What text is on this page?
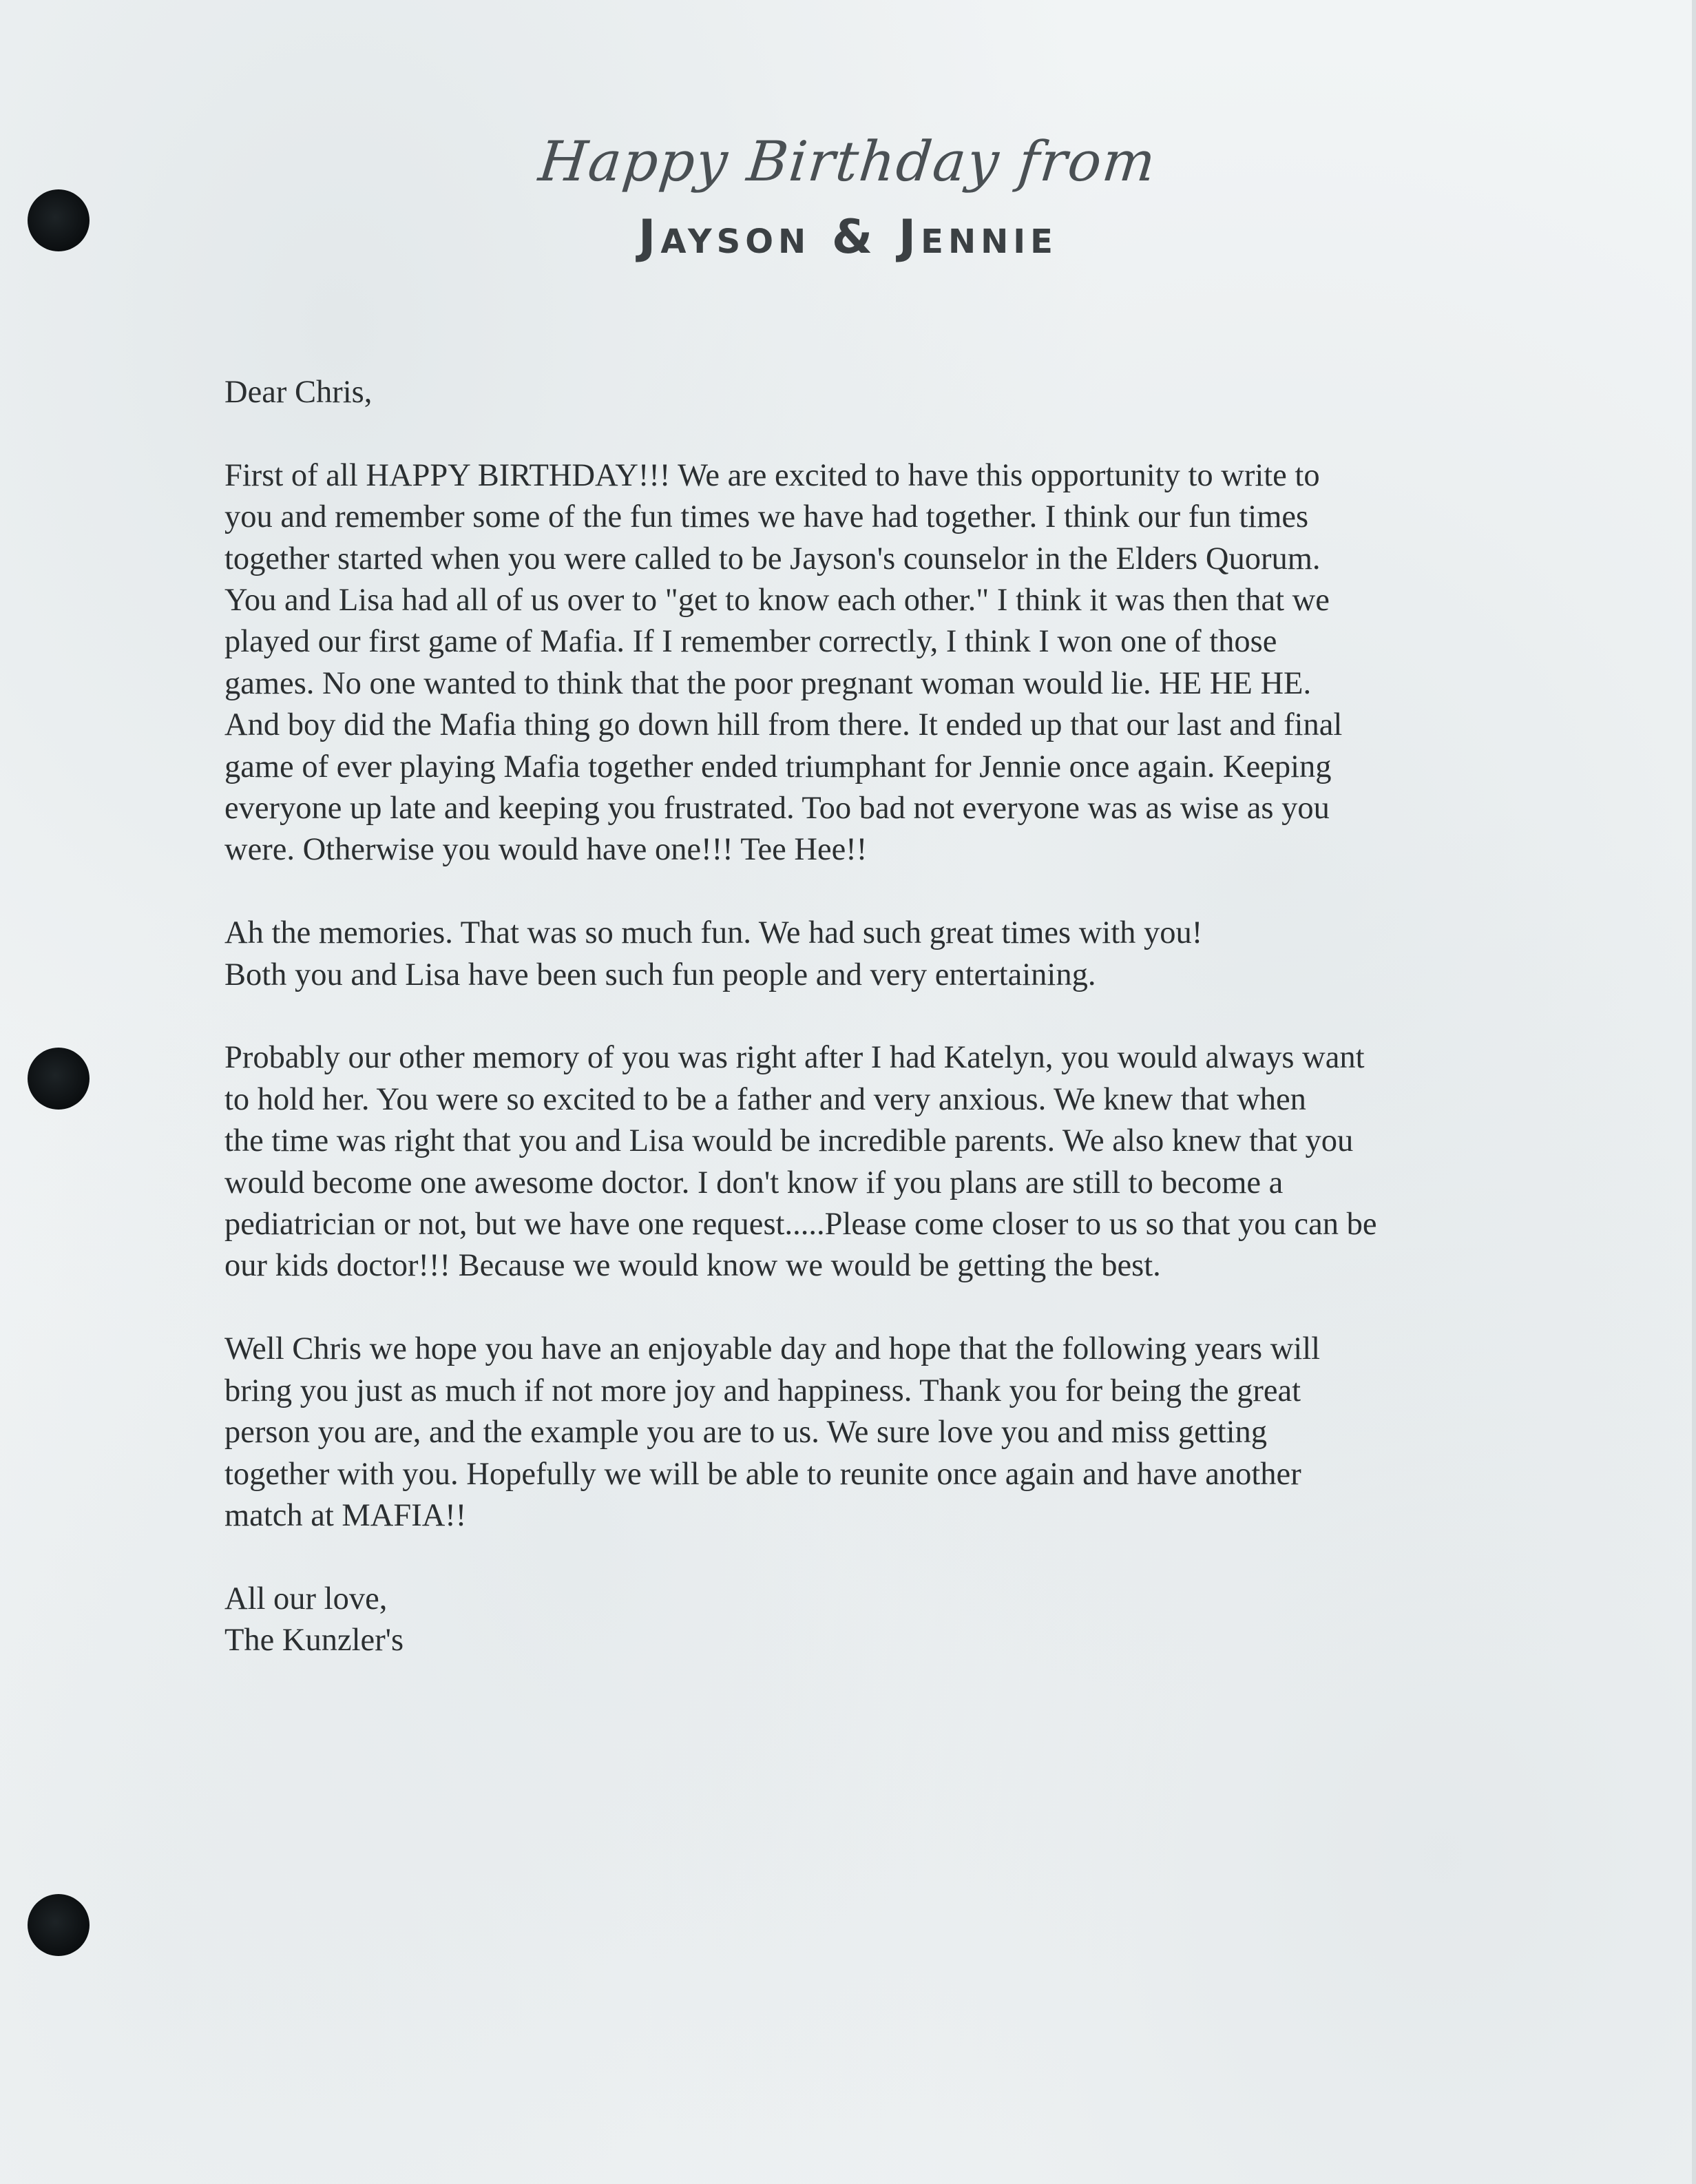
Happy Birthday from
Jayson & Jennie
Dear Chris,
First of all HAPPY BIRTHDAY!!! We are excited to have this opportunity to write to
you and remember some of the fun times we have had together. I think our fun times
together started when you were called to be Jayson's counselor in the Elders Quorum.
You and Lisa had all of us over to "get to know each other." I think it was then that we
played our first game of Mafia. If I remember correctly, I think I won one of those
games. No one wanted to think that the poor pregnant woman would lie. HE HE HE.
And boy did the Mafia thing go down hill from there. It ended up that our last and final
game of ever playing Mafia together ended triumphant for Jennie once again. Keeping
everyone up late and keeping you frustrated. Too bad not everyone was as wise as you
were. Otherwise you would have one!!! Tee Hee!!
Ah the memories. That was so much fun. We had such great times with you!
Both you and Lisa have been such fun people and very entertaining.
Probably our other memory of you was right after I had Katelyn, you would always want
to hold her. You were so excited to be a father and very anxious. We knew that when
the time was right that you and Lisa would be incredible parents. We also knew that you
would become one awesome doctor. I don't know if you plans are still to become a
pediatrician or not, but we have one request.....Please come closer to us so that you can be
our kids doctor!!! Because we would know we would be getting the best.
Well Chris we hope you have an enjoyable day and hope that the following years will
bring you just as much if not more joy and happiness. Thank you for being the great
person you are, and the example you are to us. We sure love you and miss getting
together with you. Hopefully we will be able to reunite once again and have another
match at MAFIA!!
All our love,
The Kunzler's
